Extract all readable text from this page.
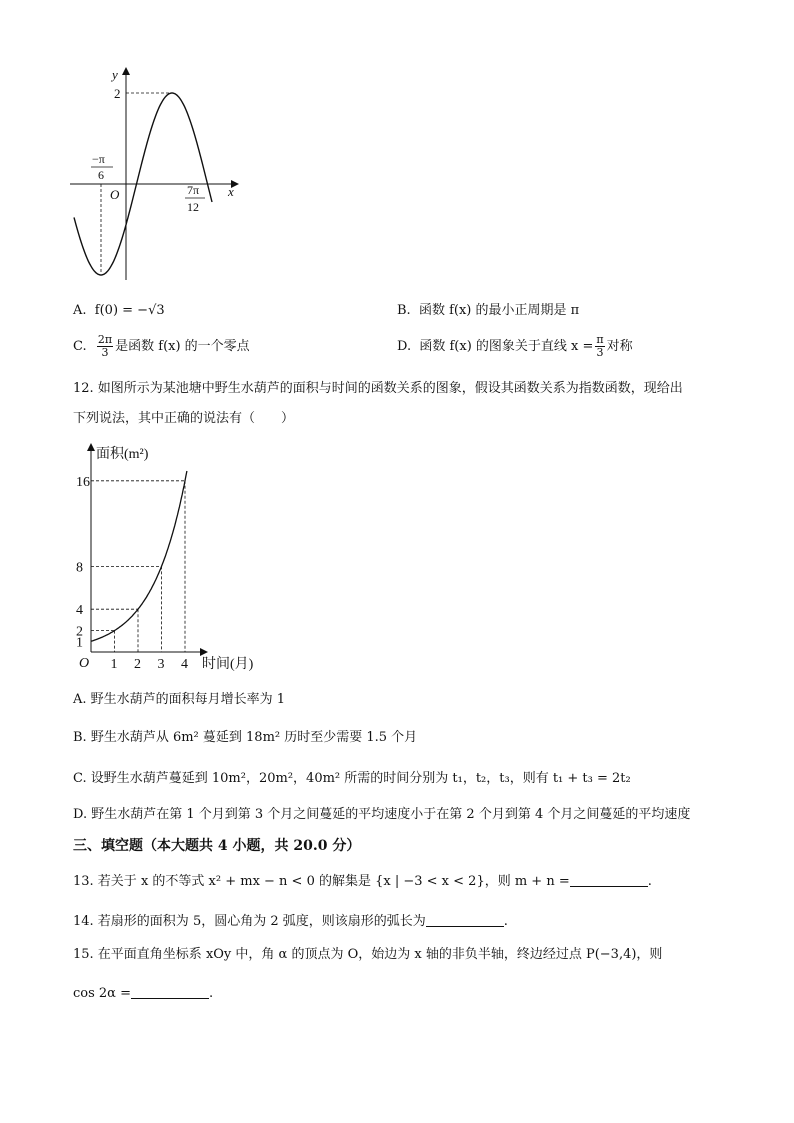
y
x
O
2
−π
6
7π
12
A. f(0) = −√3	B. 函数 f(x) 的最小正周期是 π
C. $\frac{2\pi}{3}$ 是函数 f(x) 的一个零点	D. 函数 f(x) 的图象关于直线 $x = \frac{\pi}{3}$ 对称
12. 如图所示为某池塘中野生水葫芦的面积与时间的函数关系的图象，假设其函数关系为指数函数，现给出
下列说法，其中正确的说法有（　　）
面积(m²)
时间(月)
O
1
2
4
8
16
1 2 3 4
A. 野生水葫芦的面积每月增长率为 1
B. 野生水葫芦从 6m² 蔓延到 18m² 历时至少需要 1.5 个月
C. 设野生水葫芦蔓延到 10m²，20m²，40m² 所需的时间分别为 t₁，t₂，t₃，则有 t₁ + t₃ = 2t₂
D. 野生水葫芦在第 1 个月到第 3 个月之间蔓延的平均速度小于在第 2 个月到第 4 个月之间蔓延的平均速度
三、填空题（本大题共 4 小题，共 20.0 分）
13. 若关于 x 的不等式 x² + mx − n < 0 的解集是 {x | −3 < x < 2}，则 m + n =	.
14. 若扇形的面积为 5，圆心角为 2 弧度，则该扇形的弧长为	.
15. 在平面直角坐标系 xOy 中，角 α 的顶点为 O，始边为 x 轴的非负半轴，终边经过点 P(−3,4)，则
cos 2α =	.
